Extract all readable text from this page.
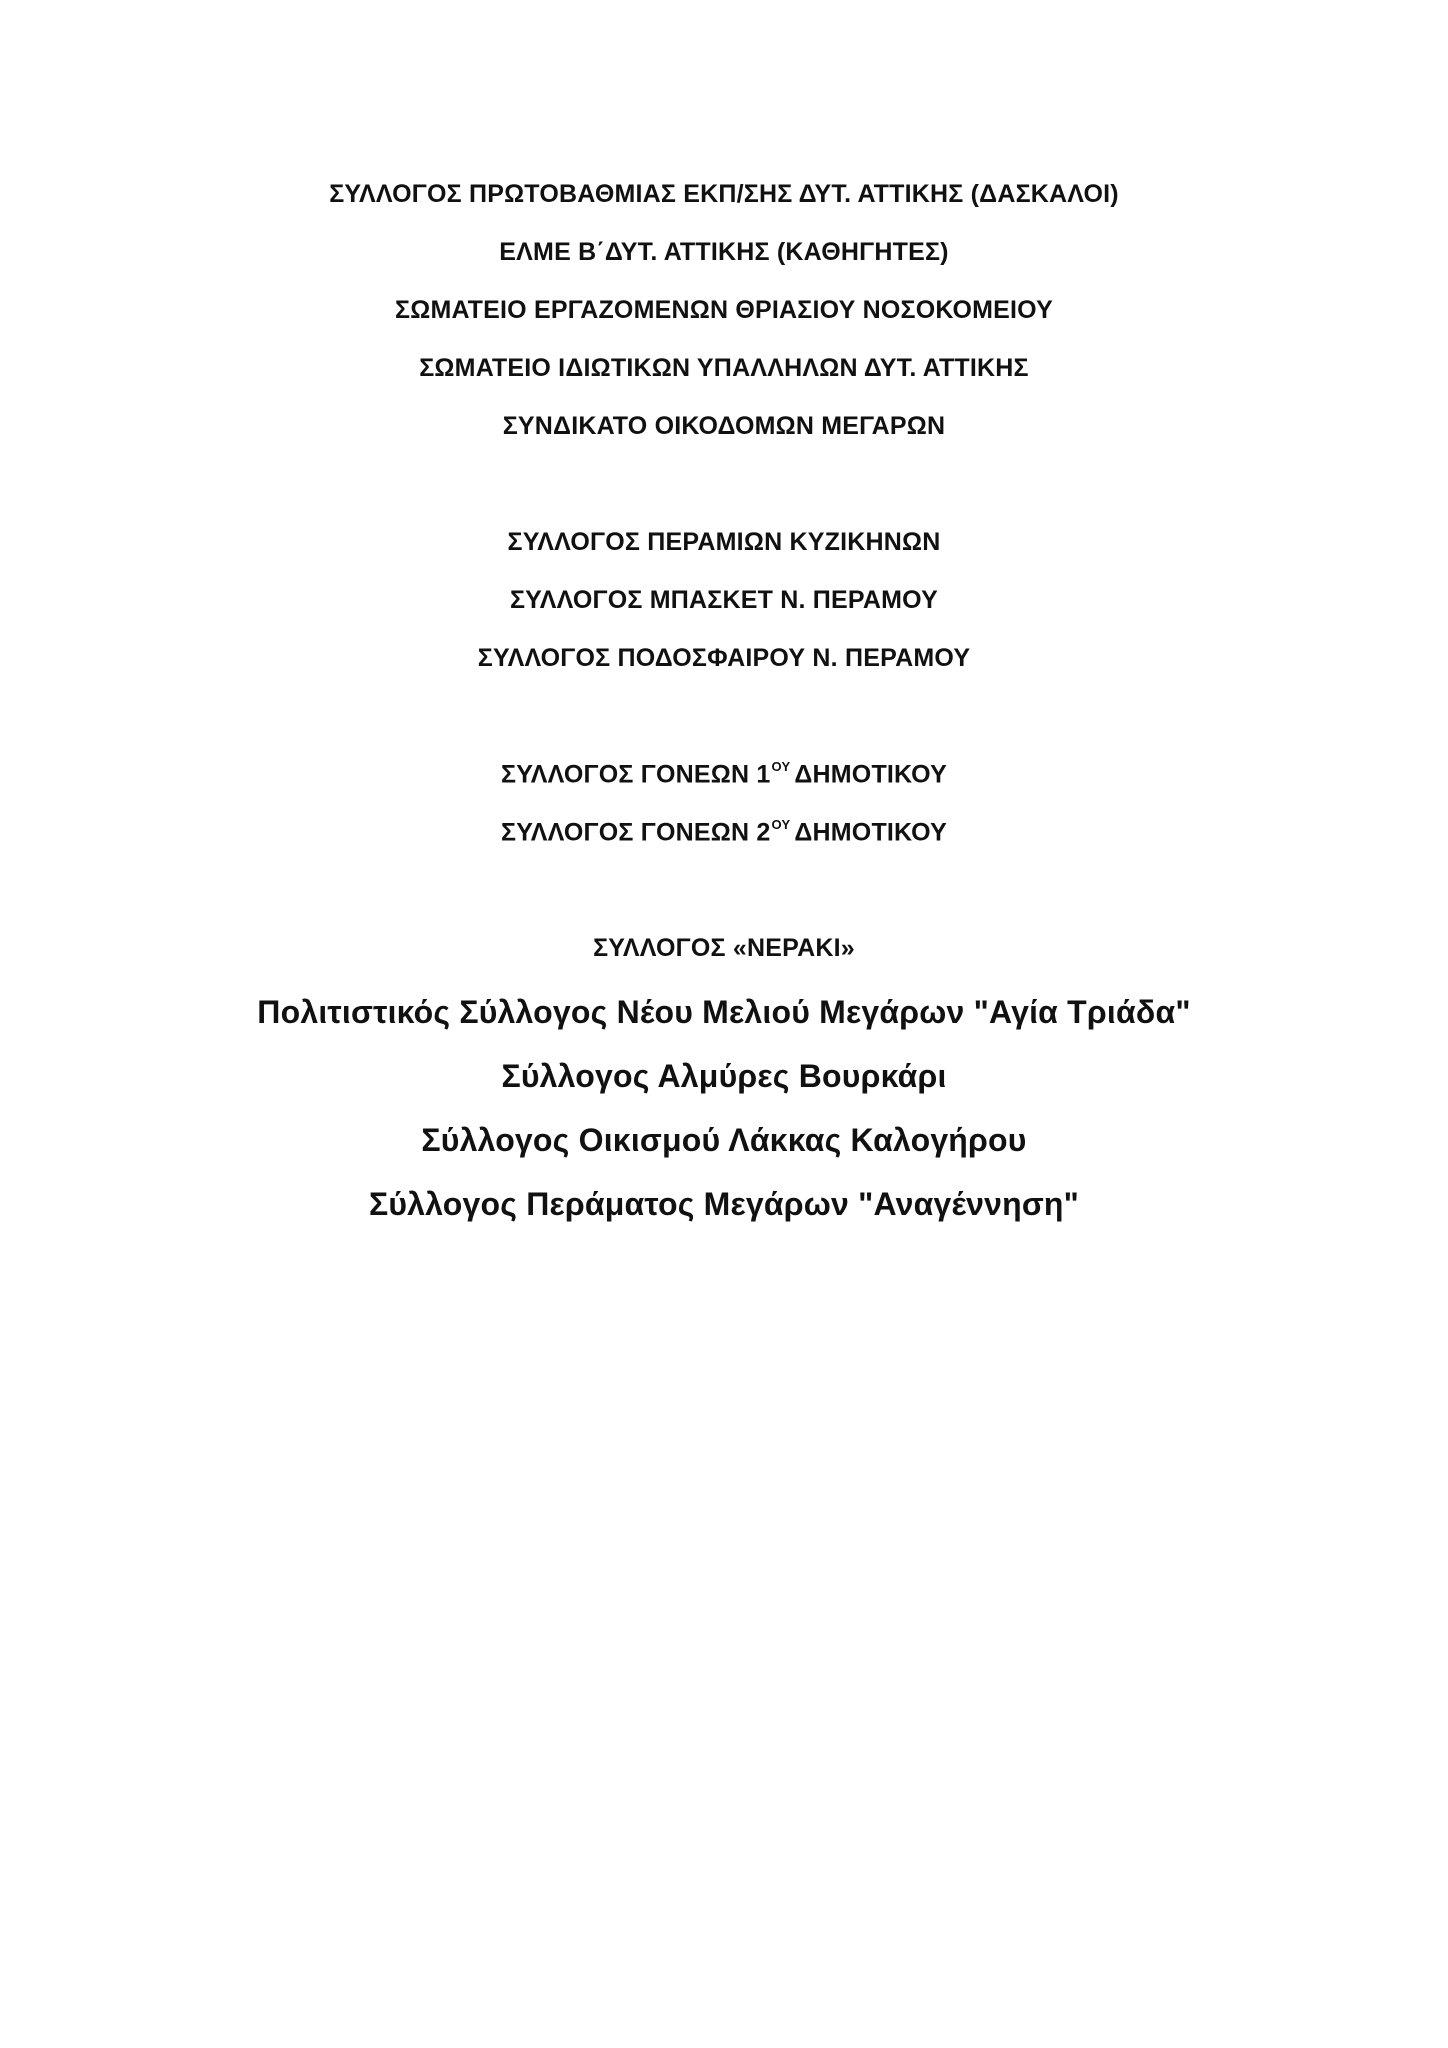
ΣΥΛΛΟΓΟΣ ΠΡΩΤΟΒΑΘΜΙΑΣ ΕΚΠ/ΣΗΣ ΔΥΤ. ΑΤΤΙΚΗΣ (ΔΑΣΚΑΛΟΙ)
ΕΛΜΕ Β΄ΔΥΤ. ΑΤΤΙΚΗΣ (ΚΑΘΗΓΗΤΕΣ)
ΣΩΜΑΤΕΙΟ ΕΡΓΑΖΟΜΕΝΩΝ ΘΡΙΑΣΙΟΥ ΝΟΣΟΚΟΜΕΙΟΥ
ΣΩΜΑΤΕΙΟ ΙΔΙΩΤΙΚΩΝ ΥΠΑΛΛΗΛΩΝ ΔΥΤ. ΑΤΤΙΚΗΣ
ΣΥΝΔΙΚΑΤΟ ΟΙΚΟΔΟΜΩΝ ΜΕΓΑΡΩΝ
ΣΥΛΛΟΓΟΣ ΠΕΡΑΜΙΩΝ ΚΥΖΙΚΗΝΩΝ
ΣΥΛΛΟΓΟΣ ΜΠΑΣΚΕΤ Ν. ΠΕΡΑΜΟΥ
ΣΥΛΛΟΓΟΣ ΠΟΔΟΣΦΑΙΡΟΥ Ν. ΠΕΡΑΜΟΥ
ΣΥΛΛΟΓΟΣ ΓΟΝΕΩΝ $1^{O\Upsilon}$ ΔΗΜΟΤΙΚΟΥ
ΣΥΛΛΟΓΟΣ ΓΟΝΕΩΝ $2^{O\Upsilon}$ ΔΗΜΟΤΙΚΟΥ
ΣΥΛΛΟΓΟΣ «ΝΕΡΑΚΙ»
Πολιτιστικός Σύλλογος Νέου Μελιού Μεγάρων "Αγία Τριάδα"
Σύλλογος Αλμύρες Βουρκάρι
Σύλλογος Οικισμού Λάκκας Καλογήρου
Σύλλογος Περάματος Μεγάρων "Αναγέννηση"
